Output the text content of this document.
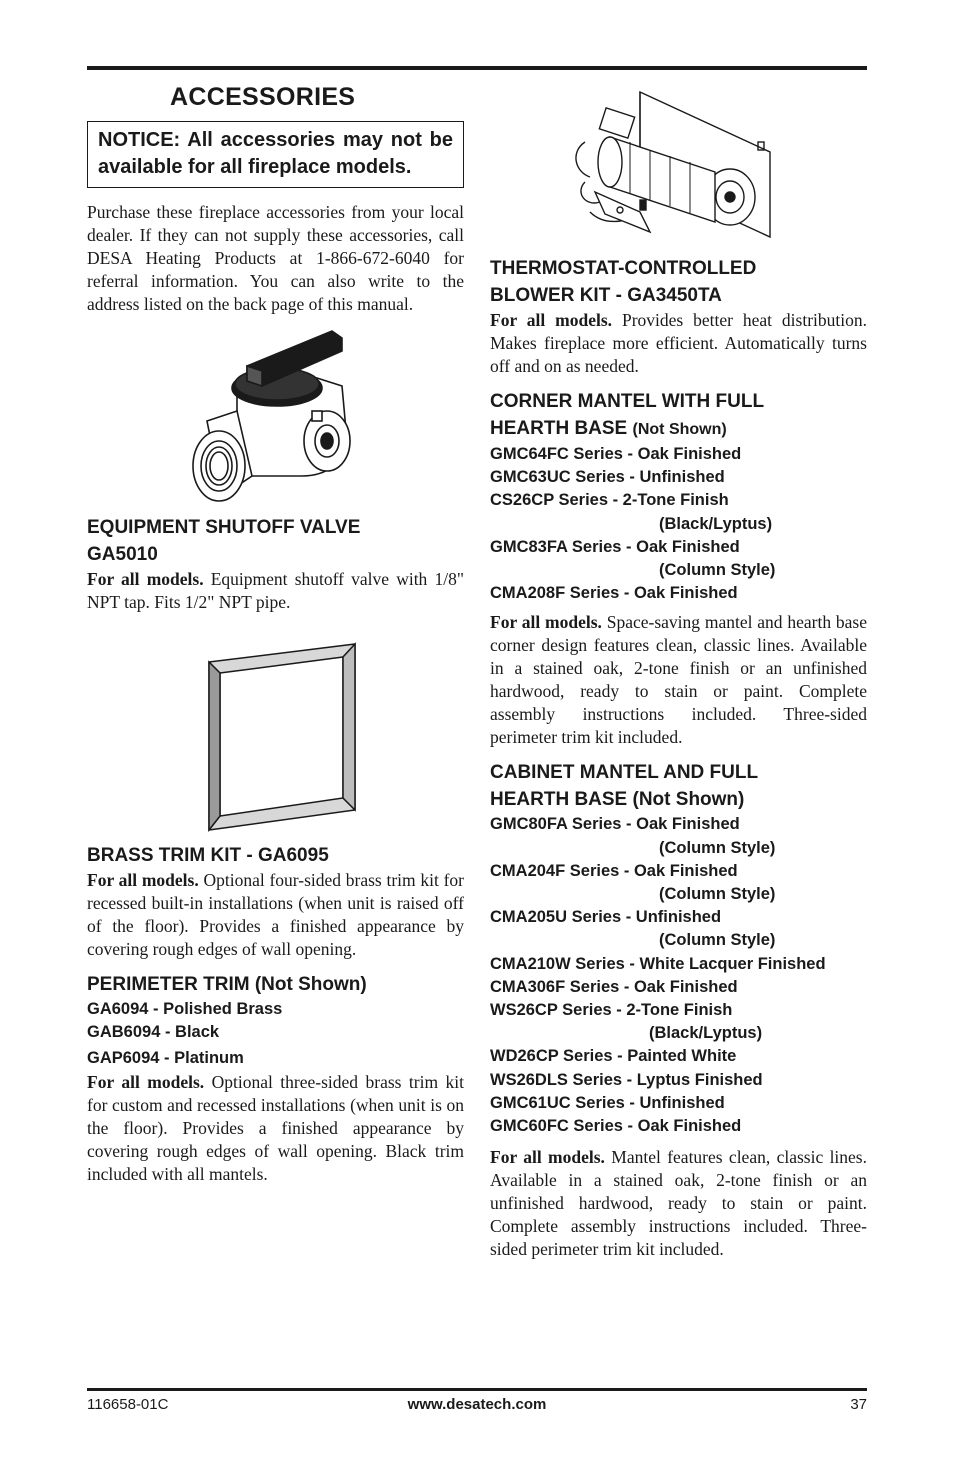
ACCESSORIES
NOTICE: All accessories may not be available for all fireplace models.

Purchase these fireplace accessories from your local dealer. If they can not supply these accessories, call DESA Heating Products at 1-866-672-6040 for referral information. You can also write to the address listed on the back page of this manual.

EQUIPMENT SHUTOFF VALVE
GA5010

For all models. Equipment shutoff valve with 1/8" NPT tap. Fits 1/2" NPT pipe.

BRASS TRIM KIT - GA6095

For all models. Optional four-sided brass trim kit for recessed built-in installations (when unit is raised off of the floor). Provides a finished appearance by covering rough edges of wall opening.

PERIMETER TRIM (Not Shown)
GA6094 - Polished Brass
GAB6094 - Black
GAP6094 - Platinum

For all models. Optional three-sided brass trim kit for custom and recessed installations (when unit is on the floor). Provides a finished appearance by covering rough edges of wall opening. Black trim included with all mantels.

THERMOSTAT-CONTROLLED
BLOWER KIT - GA3450TA

For all models. Provides better heat distribution. Makes fireplace more efficient. Automatically turns off and on as needed.

CORNER MANTEL WITH FULL
HEARTH BASE (Not Shown)
GMC64FC Series - Oak Finished
GMC63UC Series - Unfinished
CS26CP Series - 2-Tone Finish
(Black/Lyptus)
GMC83FA Series - Oak Finished
(Column Style)
CMA208F Series - Oak Finished

For all models. Space-saving mantel and hearth base corner design features clean, classic lines. Available in a stained oak, 2-tone finish or an unfinished hardwood, ready to stain or paint. Complete assembly instructions included. Three-sided perimeter trim kit included.

CABINET MANTEL AND FULL
HEARTH BASE (Not Shown)
GMC80FA Series - Oak Finished
(Column Style)
CMA204F Series - Oak Finished
(Column Style)
CMA205U Series - Unfinished
(Column Style)
CMA210W Series - White Lacquer Finished
CMA306F Series - Oak Finished
WS26CP Series - 2-Tone Finish
(Black/Lyptus)
WD26CP Series - Painted White
WS26DLS Series - Lyptus Finished
GMC61UC Series - Unfinished
GMC60FC Series - Oak Finished

For all models. Mantel features clean, classic lines. Available in a stained oak, 2-tone finish or an unfinished hardwood, ready to stain or paint. Complete assembly instructions included. Three-sided perimeter trim kit included.

116658-01C	www.desatech.com	37
